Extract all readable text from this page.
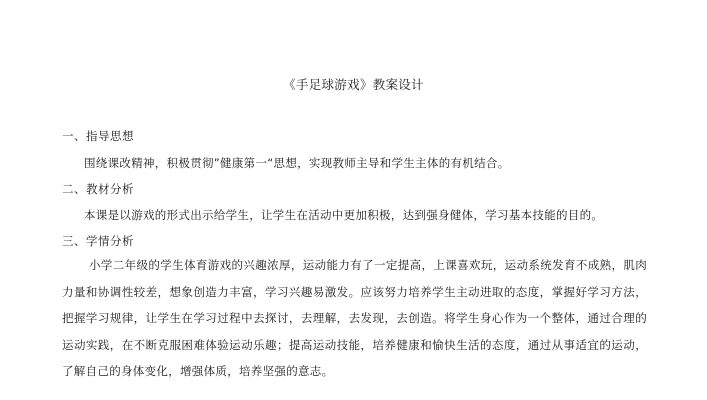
《手足球游戏》教案设计
一、指导思想
围绕课改精神，积极贯彻”健康第一“思想，实现教师主导和学生主体的有机结合。
二、教材分析
本课是以游戏的形式出示给学生，让学生在活动中更加积极，达到强身健体，学习基本技能的目的。
三、学情分析
小学二年级的学生体育游戏的兴趣浓厚，运动能力有了一定提高，上课喜欢玩，运动系统发育不成熟，肌肉力量和协调性较差，想象创造力丰富，学习兴趣易激发。应该努力培养学生主动进取的态度，掌握好学习方法，把握学习规律，让学生在学习过程中去探讨，去理解，去发现，去创造。将学生身心作为一个整体，通过合理的运动实践，在不断克服困难体验运动乐趣；提高运动技能，培养健康和愉快生活的态度，通过从事适宜的运动，了解自己的身体变化，增强体质，培养坚强的意志。
